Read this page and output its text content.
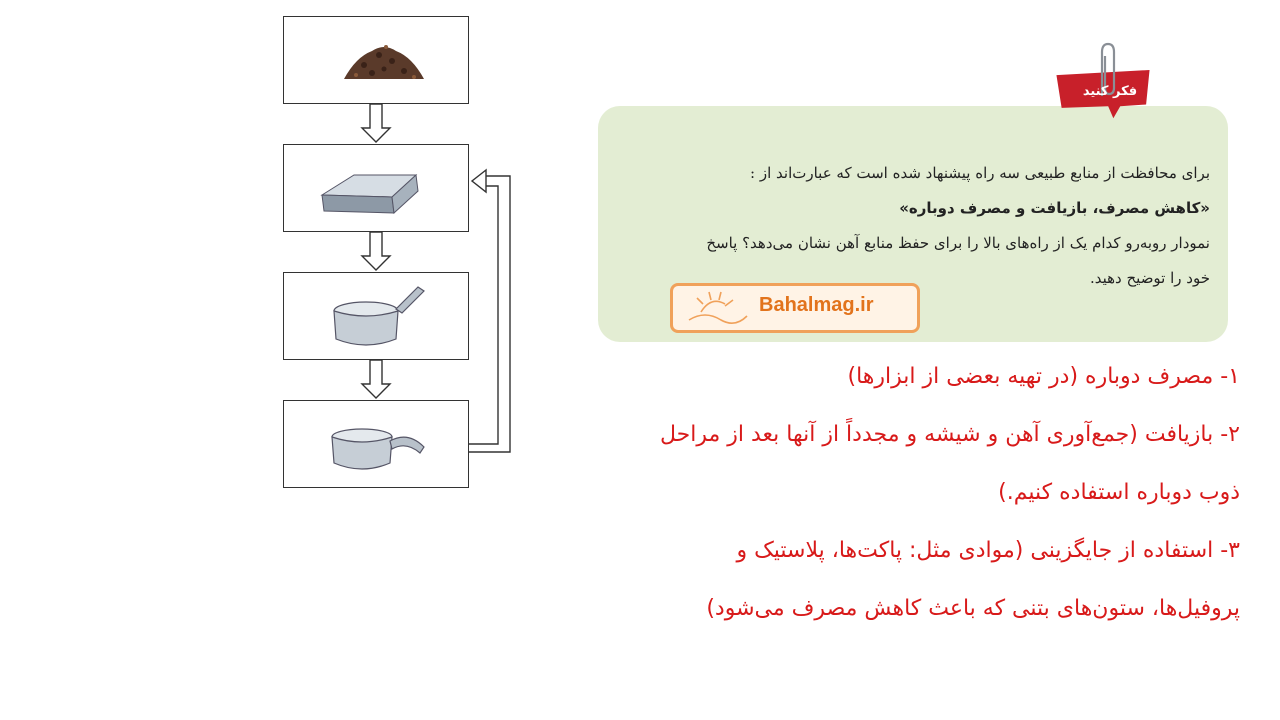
برای محافظت از منابع طبیعی سه راه پیشنهاد شده است که عبارت‌اند از :

«کاهش مصرف، بازیافت و مصرف دوباره»

نمودار روبه‌رو کدام یک از راه‌های بالا را برای حفظ منابع آهن نشان می‌دهد؟ پاسخ

خود را توضیح دهید.

فکر کنید
Bahalmag.ir

۱- مصرف دوباره (در تهیه بعضی از ابزارها)

۲- بازیافت (جمع‌آوری آهن و شیشه و مجدداً از آنها بعد از مراحل

ذوب دوباره استفاده کنیم.)

۳- استفاده از جایگزینی (موادی مثل: پاکت‌ها، پلاستیک و

پروفیل‌ها، ستون‌های بتنی که باعث کاهش مصرف می‌شود)
